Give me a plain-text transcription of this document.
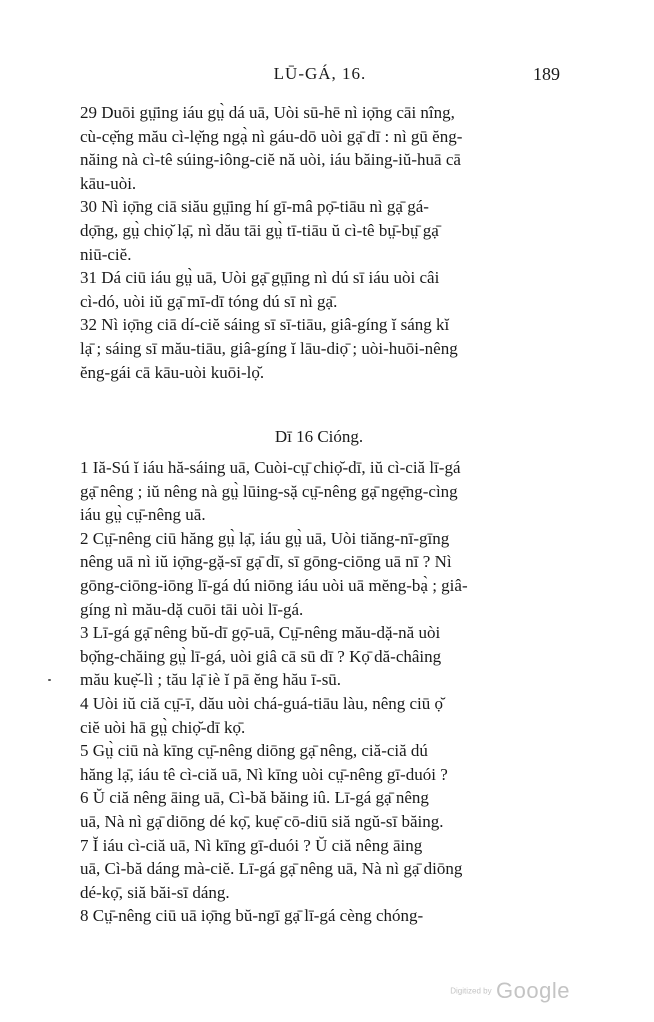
LŪ-GÁ, 16.	189
29 Duōi gṳ̄ing iáu gṳ̀ dá uā, Uòi sū-hē nì iọ̄ng cāi nîng,
cù-cẹ̆ng mău cì-lẹ̆ng ngạ̀ nì gáu-dō uòi gạ̄ dī : nì gū ĕng-
năing nà cì-tê súing-iông-ciĕ nă uòi, iáu băing-iŭ-huā cā
kāu-uòi.
30 Nì iọ̄ng ciā siău gṳ̄ing hí gī-mâ pọ̄-tiāu nì gạ̄ gá-
dọ̄ng, gṳ̀ chiọ̆ lạ̄, nì dău tāi gṳ̀ tī-tiāu ŭ cì-tê bṳ̄-bṳ̄ gạ̄
niū-ciĕ.
31 Dá ciū iáu gṳ̀ uā, Uòi gạ̄ gṳ̄ing nì dú sī iáu uòi câi
cì-dó, uòi iŭ gạ̄ mī-dī tóng dú sī nì gạ̄.
32 Nì iọ̄ng ciā dí-ciĕ sáing sī sī-tiāu, giâ-gíng ĭ sáng kĭ
lạ̄ ; sáing sī mău-tiāu, giâ-gíng ĭ lāu-diọ̄ ; uòi-huōi-nêng
ĕng-gái cā kāu-uòi kuōi-lọ̆.
Dī 16 Cióng.
1 Iă-Sú ĭ iáu hă-sáing uā, Cuòi-cṳ̄ chiọ̆-dī, iŭ cì-ciă lī-gá
gạ̄ nêng ; iŭ nêng nà gṳ̀ lūing-sặ cṳ̄-nêng gạ̄ ngẹ̄ng-cìng
iáu gṳ̀ cṳ̄-nêng uā.
2 Cṳ̄-nêng ciū hăng gṳ̀ lạ̄, iáu gṳ̀ uā, Uòi tiăng-nī-gīng
nêng uā nì iŭ iọ̄ng-gặ-sī gạ̄ dī, sī gōng-ciōng uā nī ? Nì
gōng-ciōng-iōng lī-gá dú niōng iáu uòi uā mĕng-bạ̀ ; giâ-
gíng nì mău-dặ cuōi tāi uòi lī-gá.
3 Lī-gá gạ̄ nêng bŭ-dī gọ̄-uā, Cṳ̄-nêng mău-dặ-nă uòi
bọ̆ng-chăing gṳ̀ lī-gá, uòi giâ cā sū dī ? Kọ̄ dă-châing
mău kuẹ̆-lì ; tău lạ̄ iè ĭ pā ĕng hău ī-sū.
4 Uòi iŭ ciă cṳ̄-ī, dău uòi chá-guá-tiāu làu, nêng ciū ọ̆
ciĕ uòi hā gṳ̀ chiọ̆-dī kọ̄.
5 Gṳ̀ ciū nà kīng cṳ̄-nêng diōng gạ̄ nêng, ciă-ciă dú
hăng lạ̄, iáu tê cì-ciă uā, Nì kīng uòi cṳ̄-nêng gī-duói ?
6 Ŭ ciă nêng āing uā, Cì-bă băing iû. Lī-gá gạ̄ nêng
uā, Nà nì gạ̄ diōng dé kọ̄, kuẹ̄ cō-diū siă ngŭ-sī băing.
7 Ĭ iáu cì-ciă uā, Nì kīng gī-duói ? Ŭ ciă nêng āing
uā, Cì-bă dáng mà-ciĕ. Lī-gá gạ̄ nêng uā, Nà nì gạ̄ diōng
dé-kọ̄, siă băi-sī dáng.
8 Cṳ̄-nêng ciū uā iọ̄ng bŭ-ngī gạ̄ lī-gá cèng chóng-
Digitized by Google
